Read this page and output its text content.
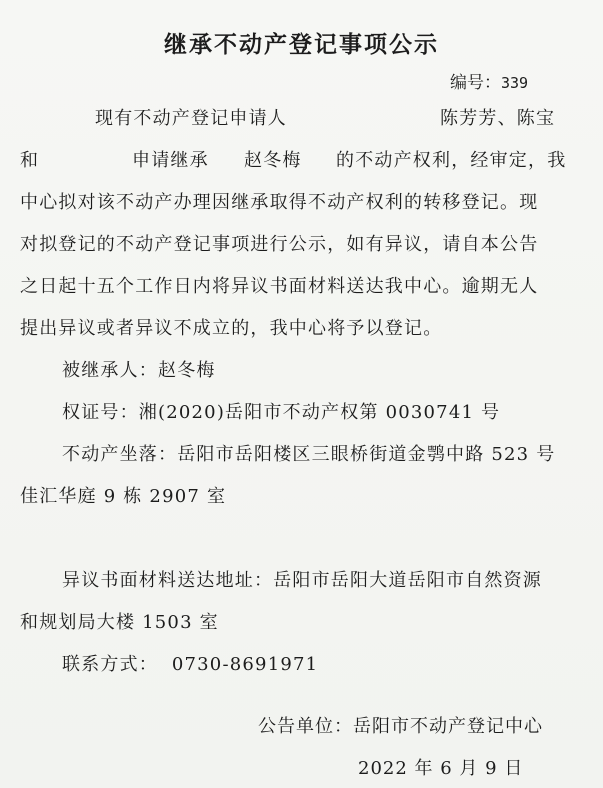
继承不动产登记事项公示
编号：339
现有不动产登记申请人	陈芳芳、陈宝
和	申请继承 赵冬梅 的不动产权利，经审定，我
中心拟对该不动产办理因继承取得不动产权利的转移登记。现
对拟登记的不动产登记事项进行公示，如有异议，请自本公告
之日起十五个工作日内将异议书面材料送达我中心。逾期无人
提出异议或者异议不成立的，我中心将予以登记。
被继承人：赵冬梅
权证号：湘(2020)岳阳市不动产权第 0030741 号
不动产坐落：岳阳市岳阳楼区三眼桥街道金鹗中路 523 号
佳汇华庭 9 栋 2907 室
异议书面材料送达地址：岳阳市岳阳大道岳阳市自然资源
和规划局大楼 1503 室
联系方式：  0730-8691971
公告单位：岳阳市不动产登记中心
2022 年 6 月 9 日
